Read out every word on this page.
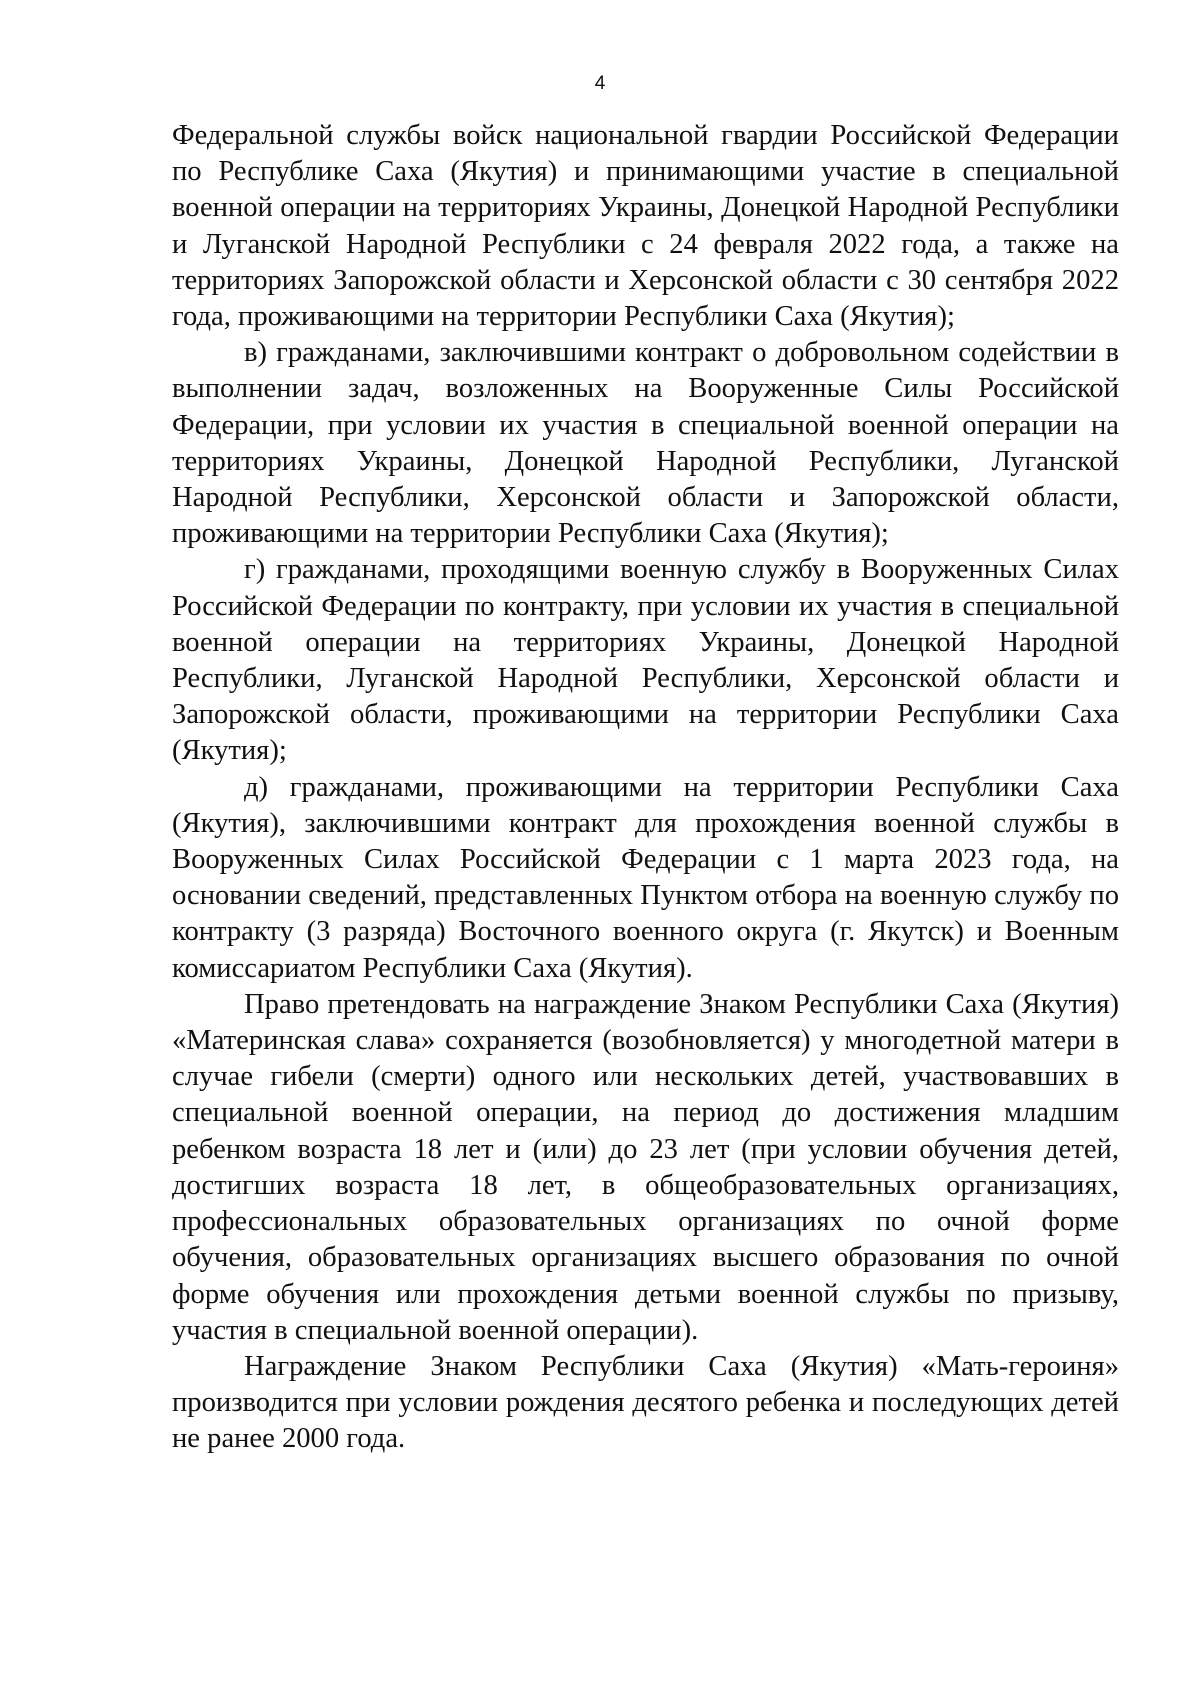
4

Федеральной службы войск национальной гвардии Российской Федерации по Республике Саха (Якутия) и принимающими участие в специальной военной операции на территориях Украины, Донецкой Народной Республики и Луганской Народной Республики с 24 февраля 2022 года, а также на территориях Запорожской области и Херсонской области с 30 сентября 2022 года, проживающими на территории Республики Саха (Якутия);

в) гражданами, заключившими контракт о добровольном содействии в выполнении задач, возложенных на Вооруженные Силы Российской Федерации, при условии их участия в специальной военной операции на территориях Украины, Донецкой Народной Республики, Луганской Народной Республики, Херсонской области и Запорожской области, проживающими на территории Республики Саха (Якутия);

г) гражданами, проходящими военную службу в Вооруженных Силах Российской Федерации по контракту, при условии их участия в специальной военной операции на территориях Украины, Донецкой Народной Республики, Луганской Народной Республики, Херсонской области и Запорожской области, проживающими на территории Республики Саха (Якутия);

д) гражданами, проживающими на территории Республики Саха (Якутия), заключившими контракт для прохождения военной службы в Вооруженных Силах Российской Федерации с 1 марта 2023 года, на основании сведений, представленных Пунктом отбора на военную службу по контракту (3 разряда) Восточного военного округа (г. Якутск) и Военным комиссариатом Республики Саха (Якутия).

Право претендовать на награждение Знаком Республики Саха (Якутия) «Материнская слава» сохраняется (возобновляется) у многодетной матери в случае гибели (смерти) одного или нескольких детей, участвовавших в специальной военной операции, на период до достижения младшим ребенком возраста 18 лет и (или) до 23 лет (при условии обучения детей, достигших возраста 18 лет, в общеобразовательных организациях, профессиональных образовательных организациях по очной форме обучения, образовательных организациях высшего образования по очной форме обучения или прохождения детьми военной службы по призыву, участия в специальной военной операции).

Награждение Знаком Республики Саха (Якутия) «Мать-героиня» производится при условии рождения десятого ребенка и последующих детей не ранее 2000 года.
